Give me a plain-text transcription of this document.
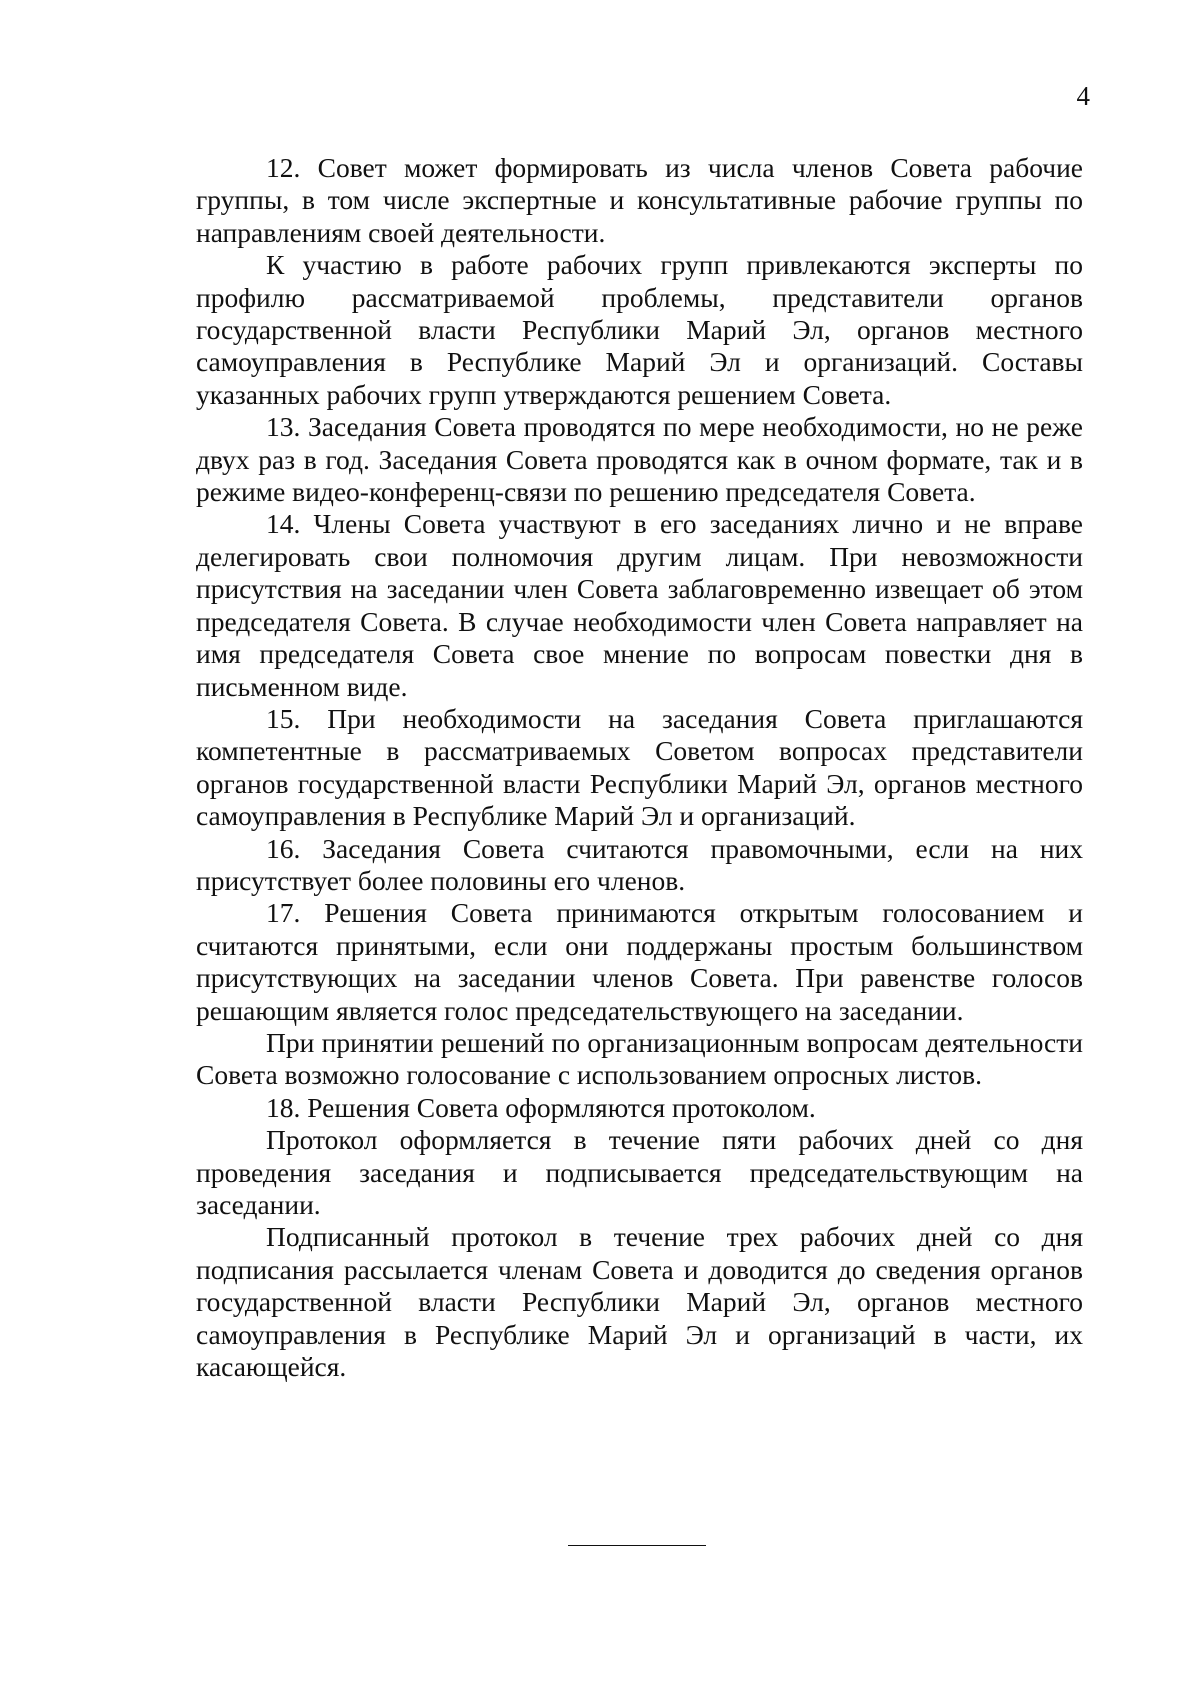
4

12. Совет может формировать из числа членов Совета рабочие группы, в том числе экспертные и консультативные рабочие группы по направлениям своей деятельности.

К участию в работе рабочих групп привлекаются эксперты по профилю рассматриваемой проблемы, представители органов государственной власти Республики Марий Эл, органов местного самоуправления в Республике Марий Эл и организаций. Составы указанных рабочих групп утверждаются решением Совета.

13. Заседания Совета проводятся по мере необходимости, но не реже двух раз в год. Заседания Совета проводятся как в очном формате, так и в режиме видео-конференц-связи по решению председателя Совета.

14. Члены Совета участвуют в его заседаниях лично и не вправе делегировать свои полномочия другим лицам. При невозможности присутствия на заседании член Совета заблаговременно извещает об этом председателя Совета. В случае необходимости член Совета направляет на имя председателя Совета свое мнение по вопросам повестки дня в письменном виде.

15. При необходимости на заседания Совета приглашаются компетентные в рассматриваемых Советом вопросах представители органов государственной власти Республики Марий Эл, органов местного самоуправления в Республике Марий Эл и организаций.

16. Заседания Совета считаются правомочными, если на них присутствует более половины его членов.

17. Решения Совета принимаются открытым голосованием и считаются принятыми, если они поддержаны простым большинством присутствующих на заседании членов Совета. При равенстве голосов решающим является голос председательствующего на заседании.

При принятии решений по организационным вопросам деятельности Совета возможно голосование с использованием опросных листов.

18. Решения Совета оформляются протоколом.

Протокол оформляется в течение пяти рабочих дней со дня проведения заседания и подписывается председательствующим на заседании.

Подписанный протокол в течение трех рабочих дней со дня подписания рассылается членам Совета и доводится до сведения органов государственной власти Республики Марий Эл, органов местного самоуправления в Республике Марий Эл и организаций в части, их касающейся.
